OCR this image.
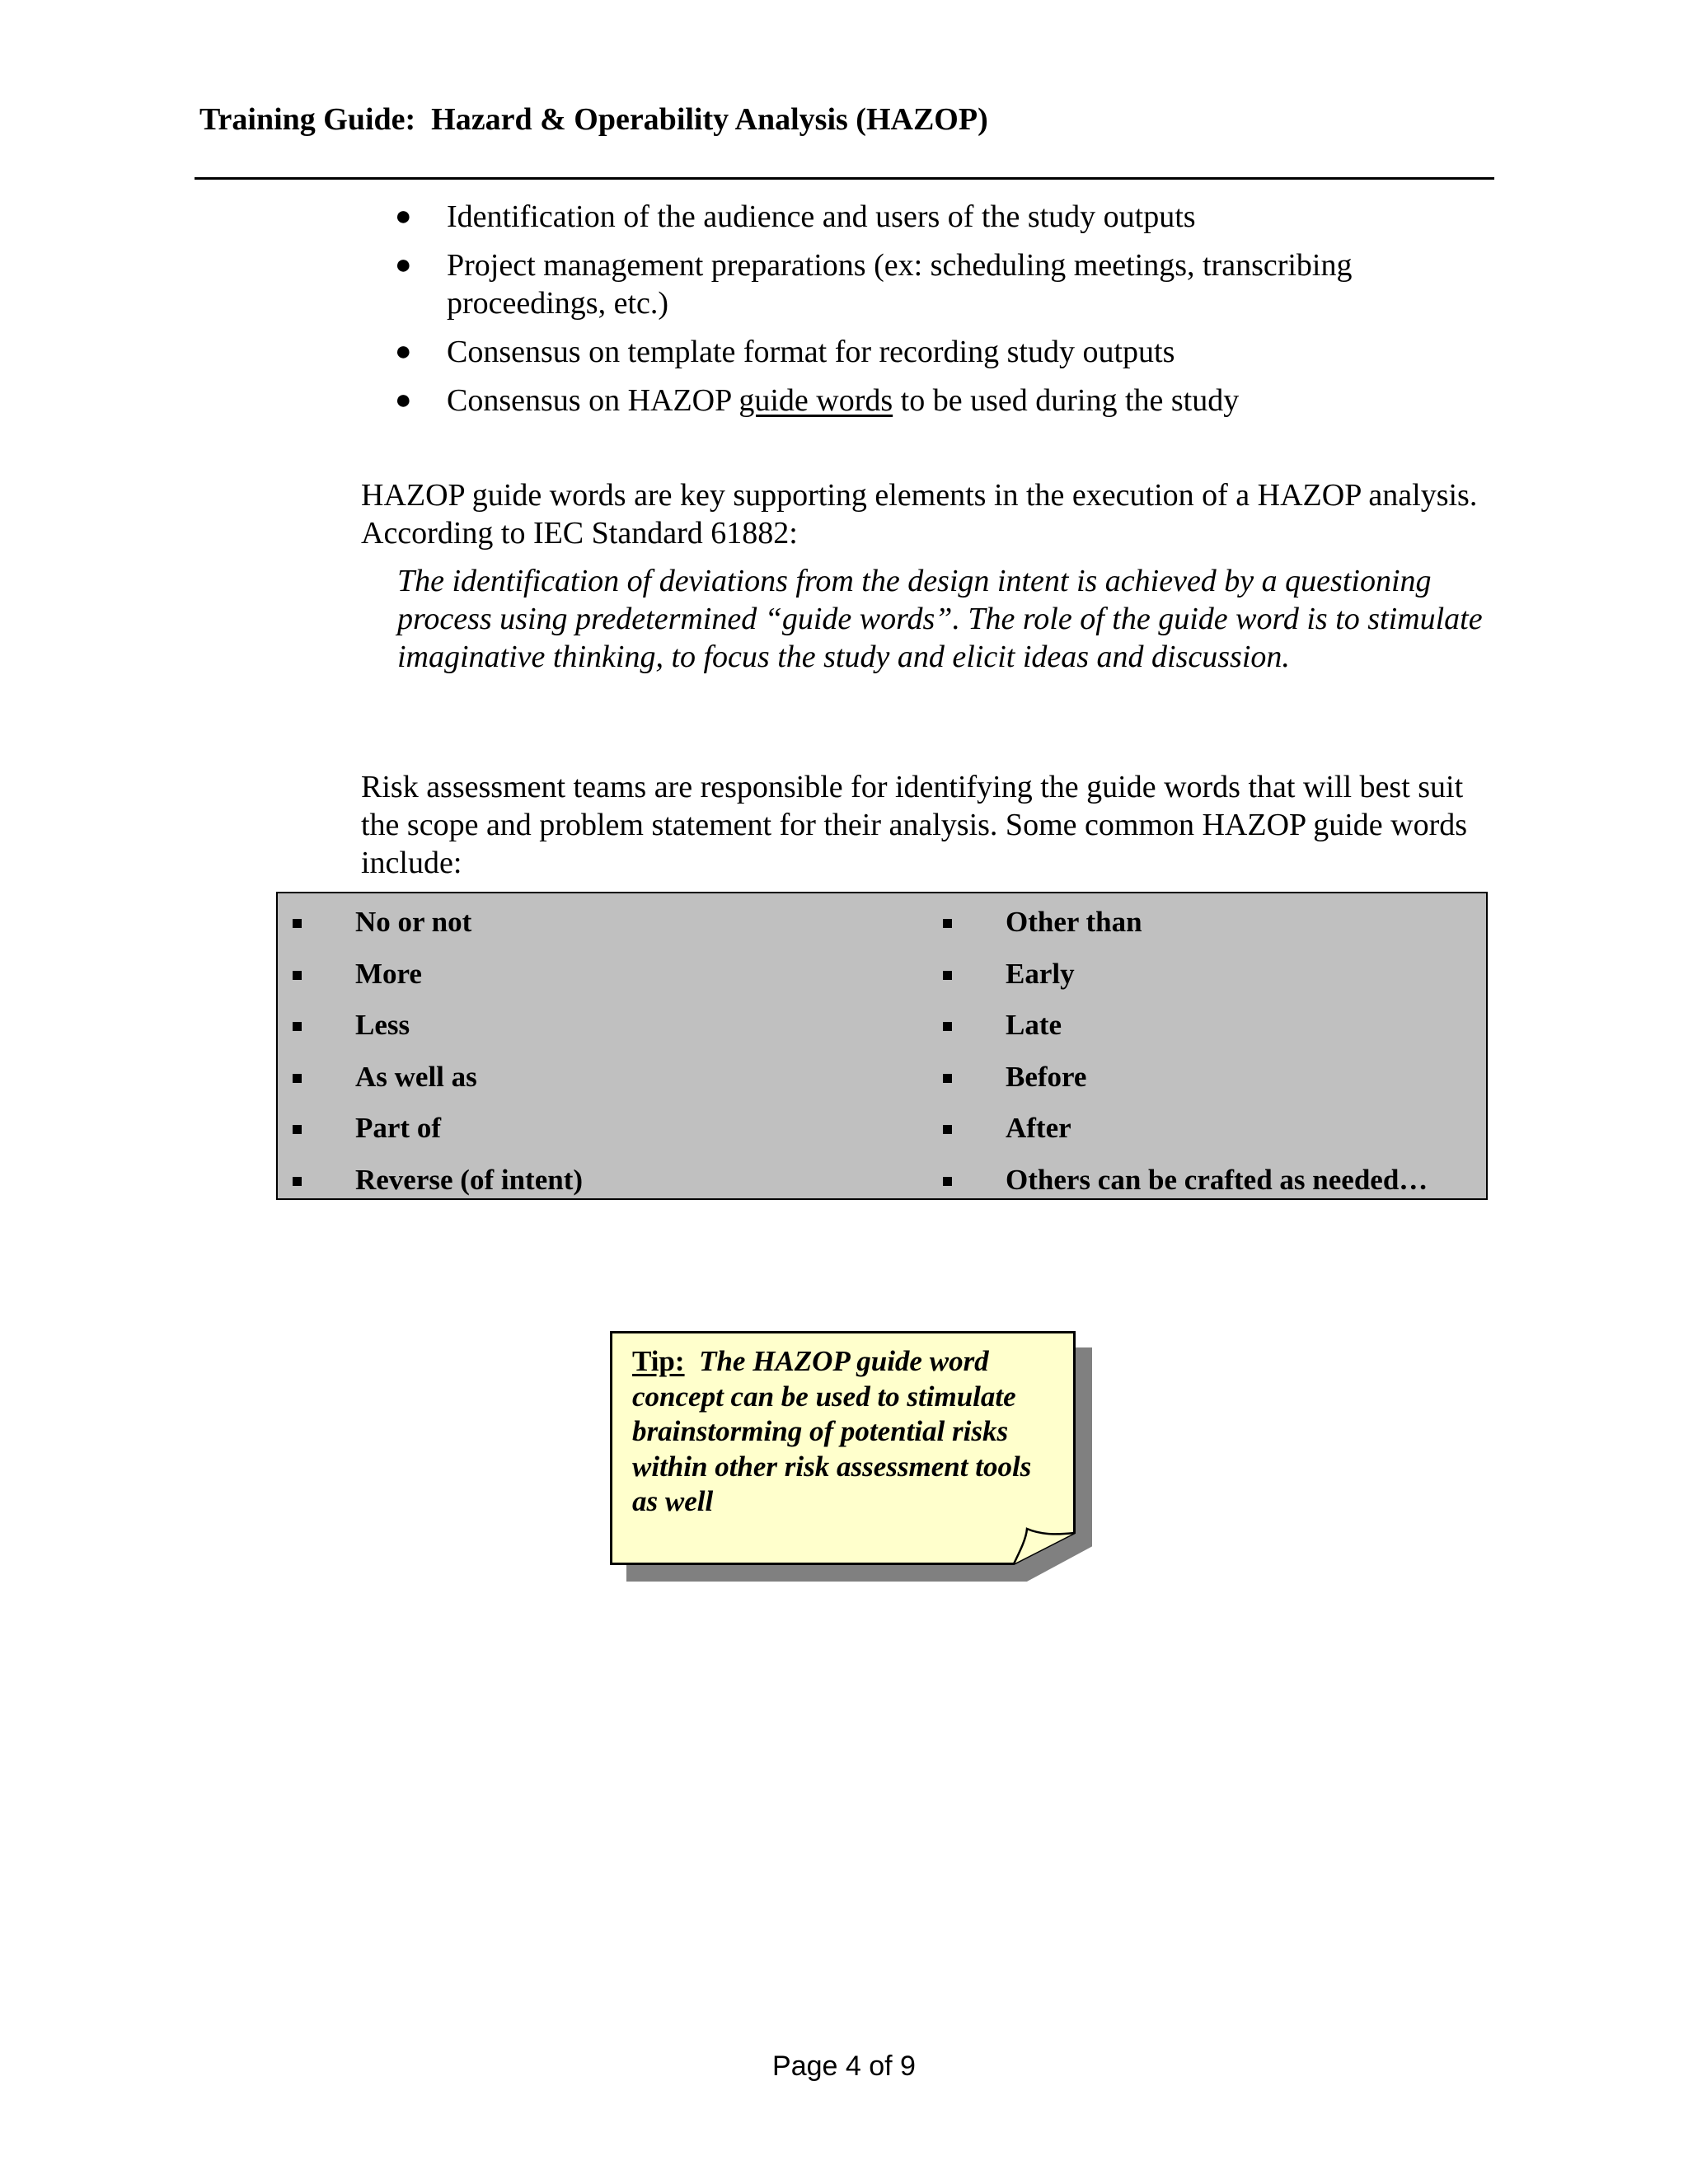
Training Guide:  Hazard & Operability Analysis (HAZOP)
● Identification of the audience and users of the study outputs
● Project management preparations (ex: scheduling meetings, transcribing proceedings, etc.)
● Consensus on template format for recording study outputs
● Consensus on HAZOP guide words to be used during the study

HAZOP guide words are key supporting elements in the execution of a HAZOP analysis. According to IEC Standard 61882:

The identification of deviations from the design intent is achieved by a questioning process using predetermined “guide words”. The role of the guide word is to stimulate imaginative thinking, to focus the study and elicit ideas and discussion.

Risk assessment teams are responsible for identifying the guide words that will best suit the scope and problem statement for their analysis. Some common HAZOP guide words include:

No or not
More
Less
As well as
Part of
Reverse (of intent)
Other than
Early
Late
Before
After
Others can be crafted as needed…
Tip: The HAZOP guide word concept can be used to stimulate brainstorming of potential risks within other risk assessment tools as well
Page 4 of 9
